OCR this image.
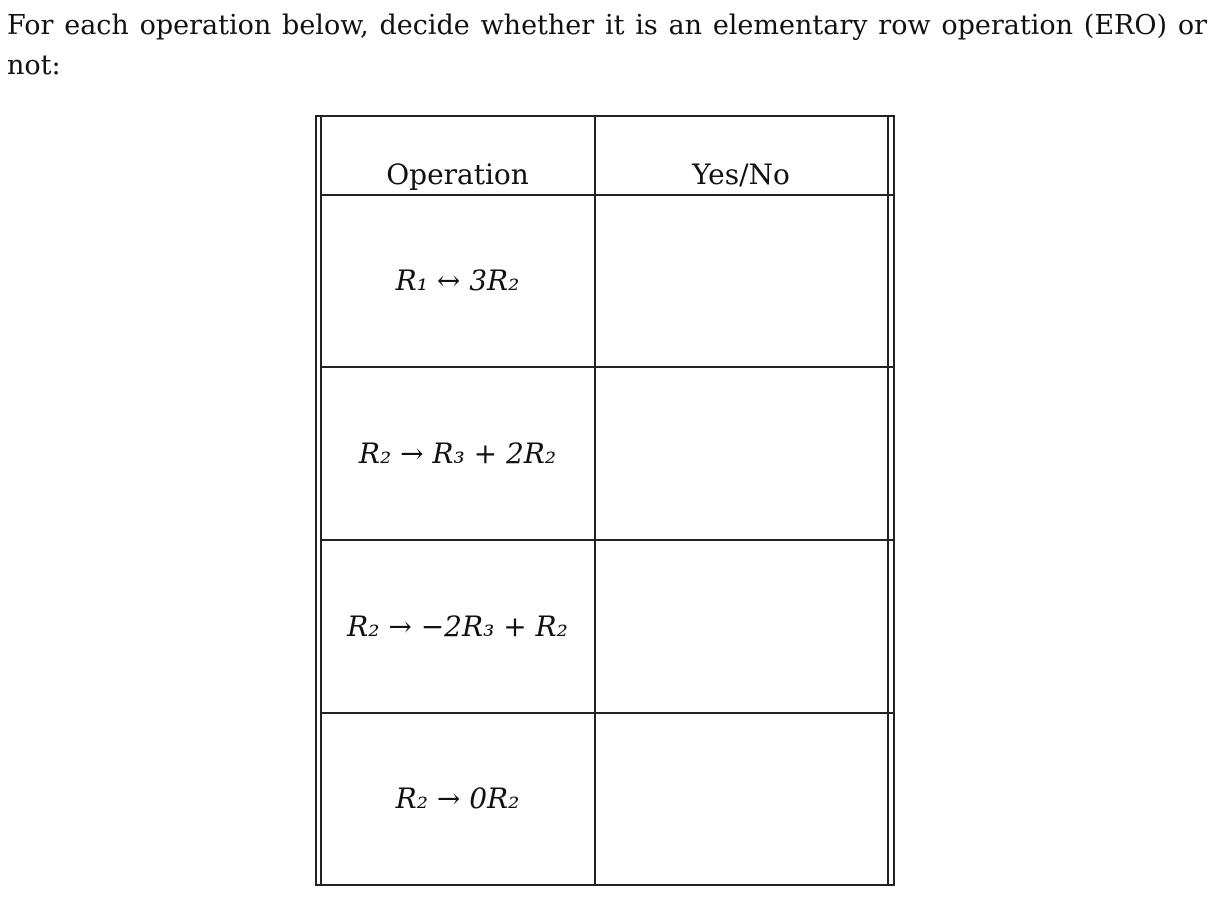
For each operation below, decide whether it is an elementary row operation (ERO) or not:

Operation	Yes/No
R₁ ↔ 3R₂
R₂ → R₃ + 2R₂
R₂ → −2R₃ + R₂
R₂ → 0R₂
